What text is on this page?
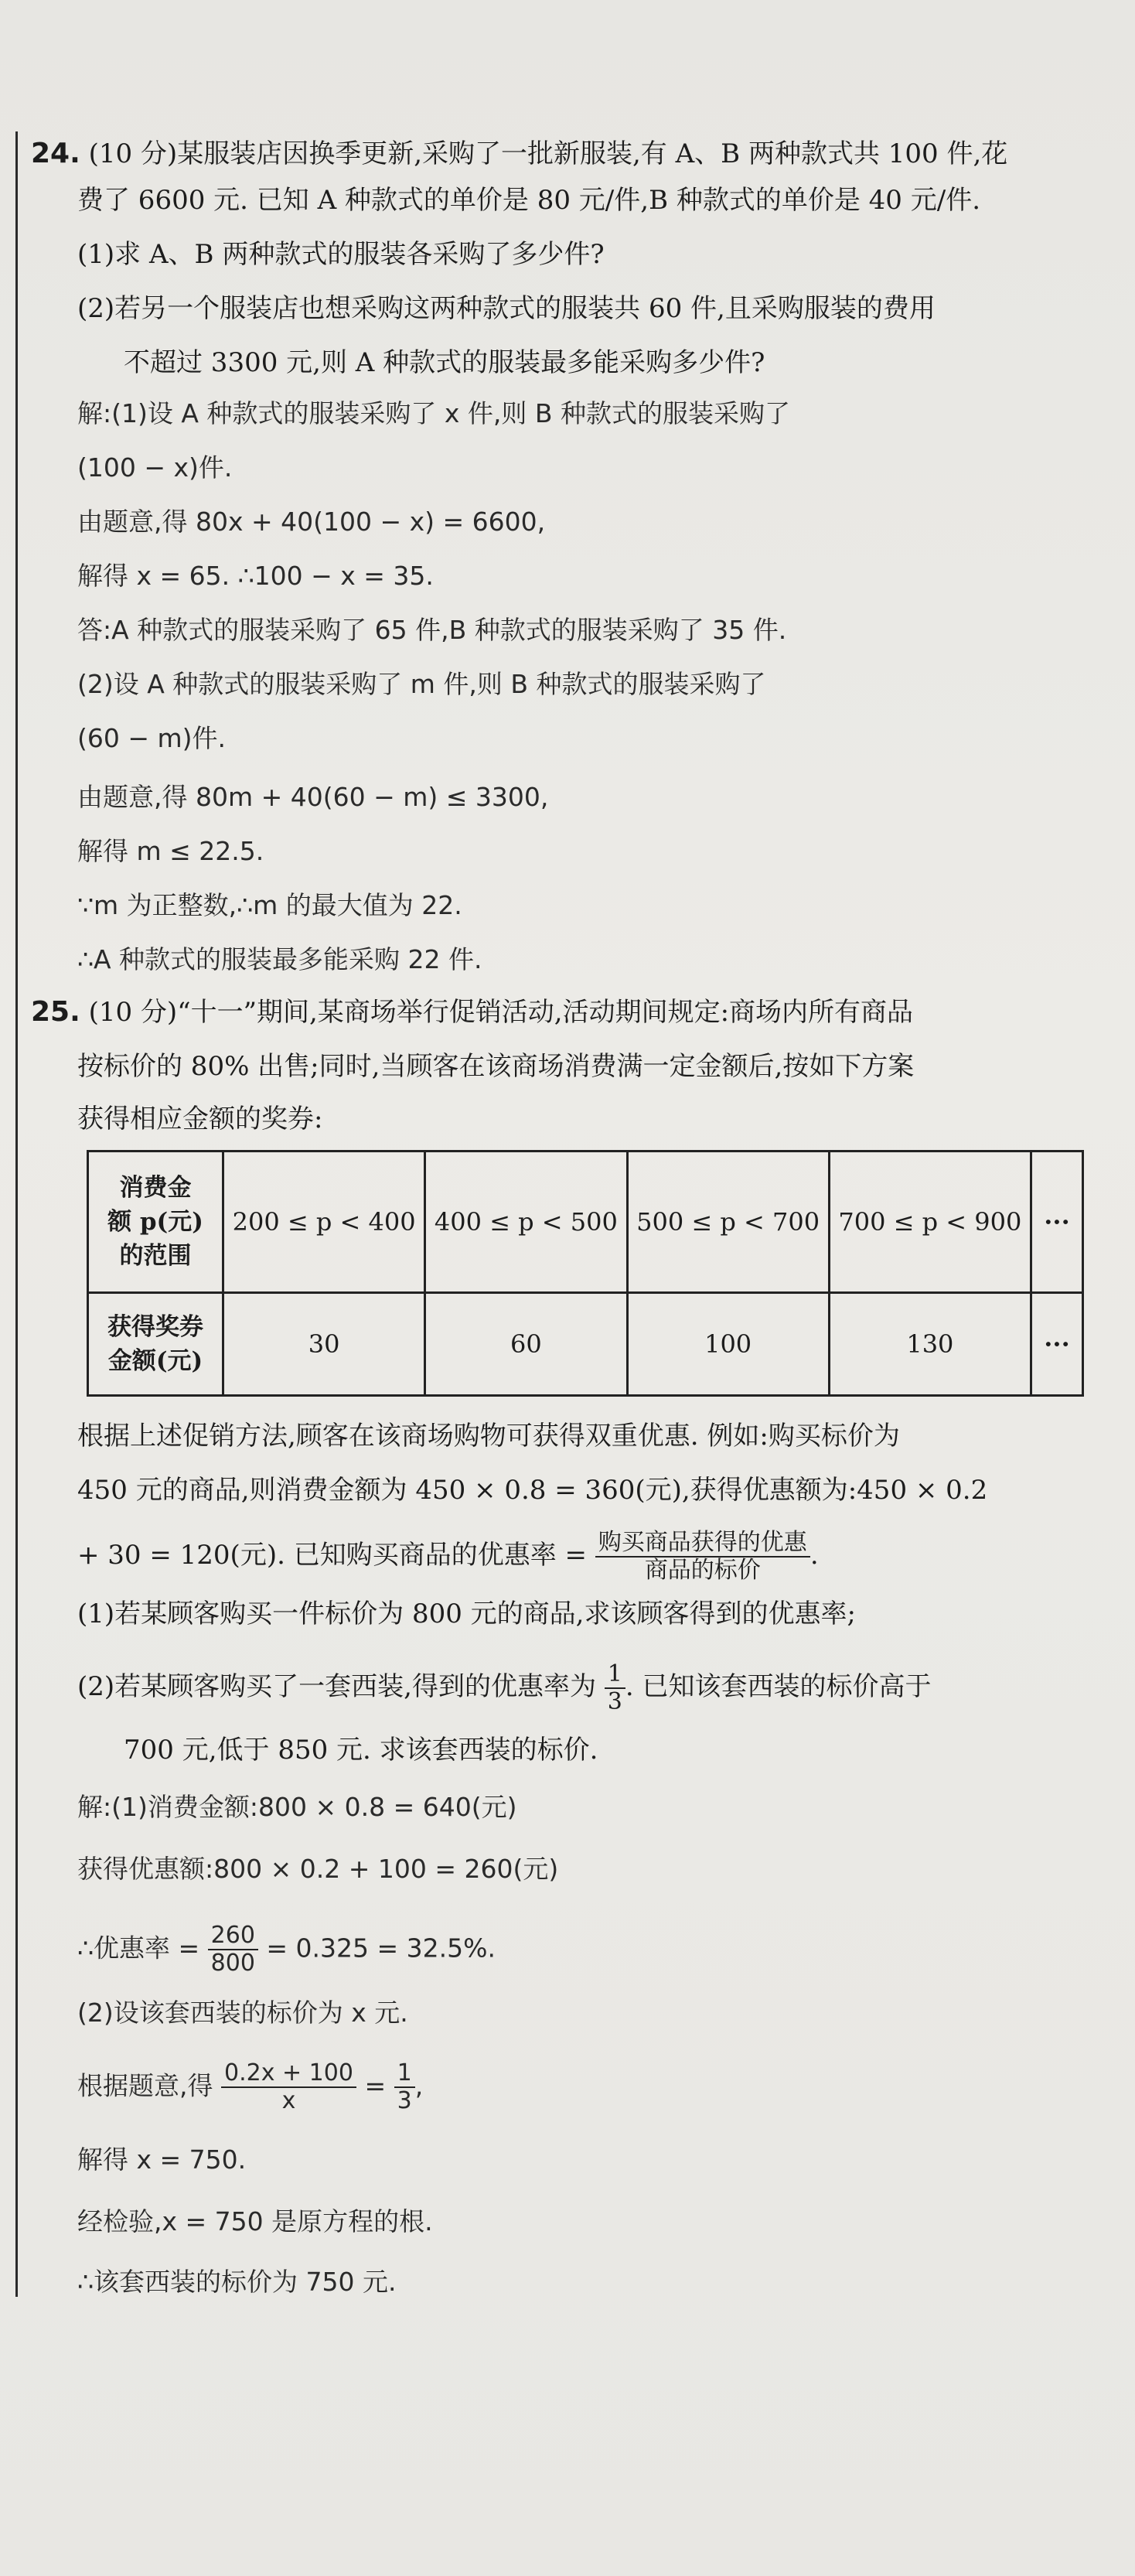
24. (10 分)某服装店因换季更新,采购了一批新服装,有 A、B 两种款式共 100 件,花
费了 6600 元. 已知 A 种款式的单价是 80 元/件,B 种款式的单价是 40 元/件.
(1)求 A、B 两种款式的服装各采购了多少件?
(2)若另一个服装店也想采购这两种款式的服装共 60 件,且采购服装的费用
不超过 3300 元,则 A 种款式的服装最多能采购多少件?
解:(1)设 A 种款式的服装采购了 x 件,则 B 种款式的服装采购了
(100 − x)件.
由题意,得 80x + 40(100 − x) = 6600,
解得 x = 65. ∴100 − x = 35.
答:A 种款式的服装采购了 65 件,B 种款式的服装采购了 35 件.
(2)设 A 种款式的服装采购了 m 件,则 B 种款式的服装采购了
(60 − m)件.
由题意,得 80m + 40(60 − m) ≤ 3300,
解得 m ≤ 22.5.
∵m 为正整数,∴m 的最大值为 22.
∴A 种款式的服装最多能采购 22 件.
25. (10 分)“十一”期间,某商场举行促销活动,活动期间规定:商场内所有商品
按标价的 80% 出售;同时,当顾客在该商场消费满一定金额后,按如下方案
获得相应金额的奖券:
消费金
额 p(元)
的范围	200 ≤ p < 400	400 ≤ p < 500	500 ≤ p < 700	700 ≤ p < 900	···
获得奖券
金额(元)	30	60	100	130	···
根据上述促销方法,顾客在该商场购物可获得双重优惠. 例如:购买标价为
450 元的商品,则消费金额为 450 × 0.8 = 360(元),获得优惠额为:450 × 0.2
+ 30 = 120(元). 已知购买商品的优惠率 = $\frac{\text{购买商品获得的优惠}}{\text{商品的标价}}$ .
(1)若某顾客购买一件标价为 800 元的商品,求该顾客得到的优惠率;
(2)若某顾客购买了一套西装,得到的优惠率为 $\frac{1}{3}$ . 已知该套西装的标价高于
700 元,低于 850 元. 求该套西装的标价.
解:(1)消费金额:800 × 0.8 = 640(元)
获得优惠额:800 × 0.2 + 100 = 260(元)
∴优惠率 = $\frac{260}{800} = 0.325 = 32.5\%$.
(2)设该套西装的标价为 x 元.
根据题意,得 $\frac{0.2x + 100}{x} = \frac{1}{3}$ ,
解得 x = 750.
经检验,x = 750 是原方程的根.
∴该套西装的标价为 750 元.
